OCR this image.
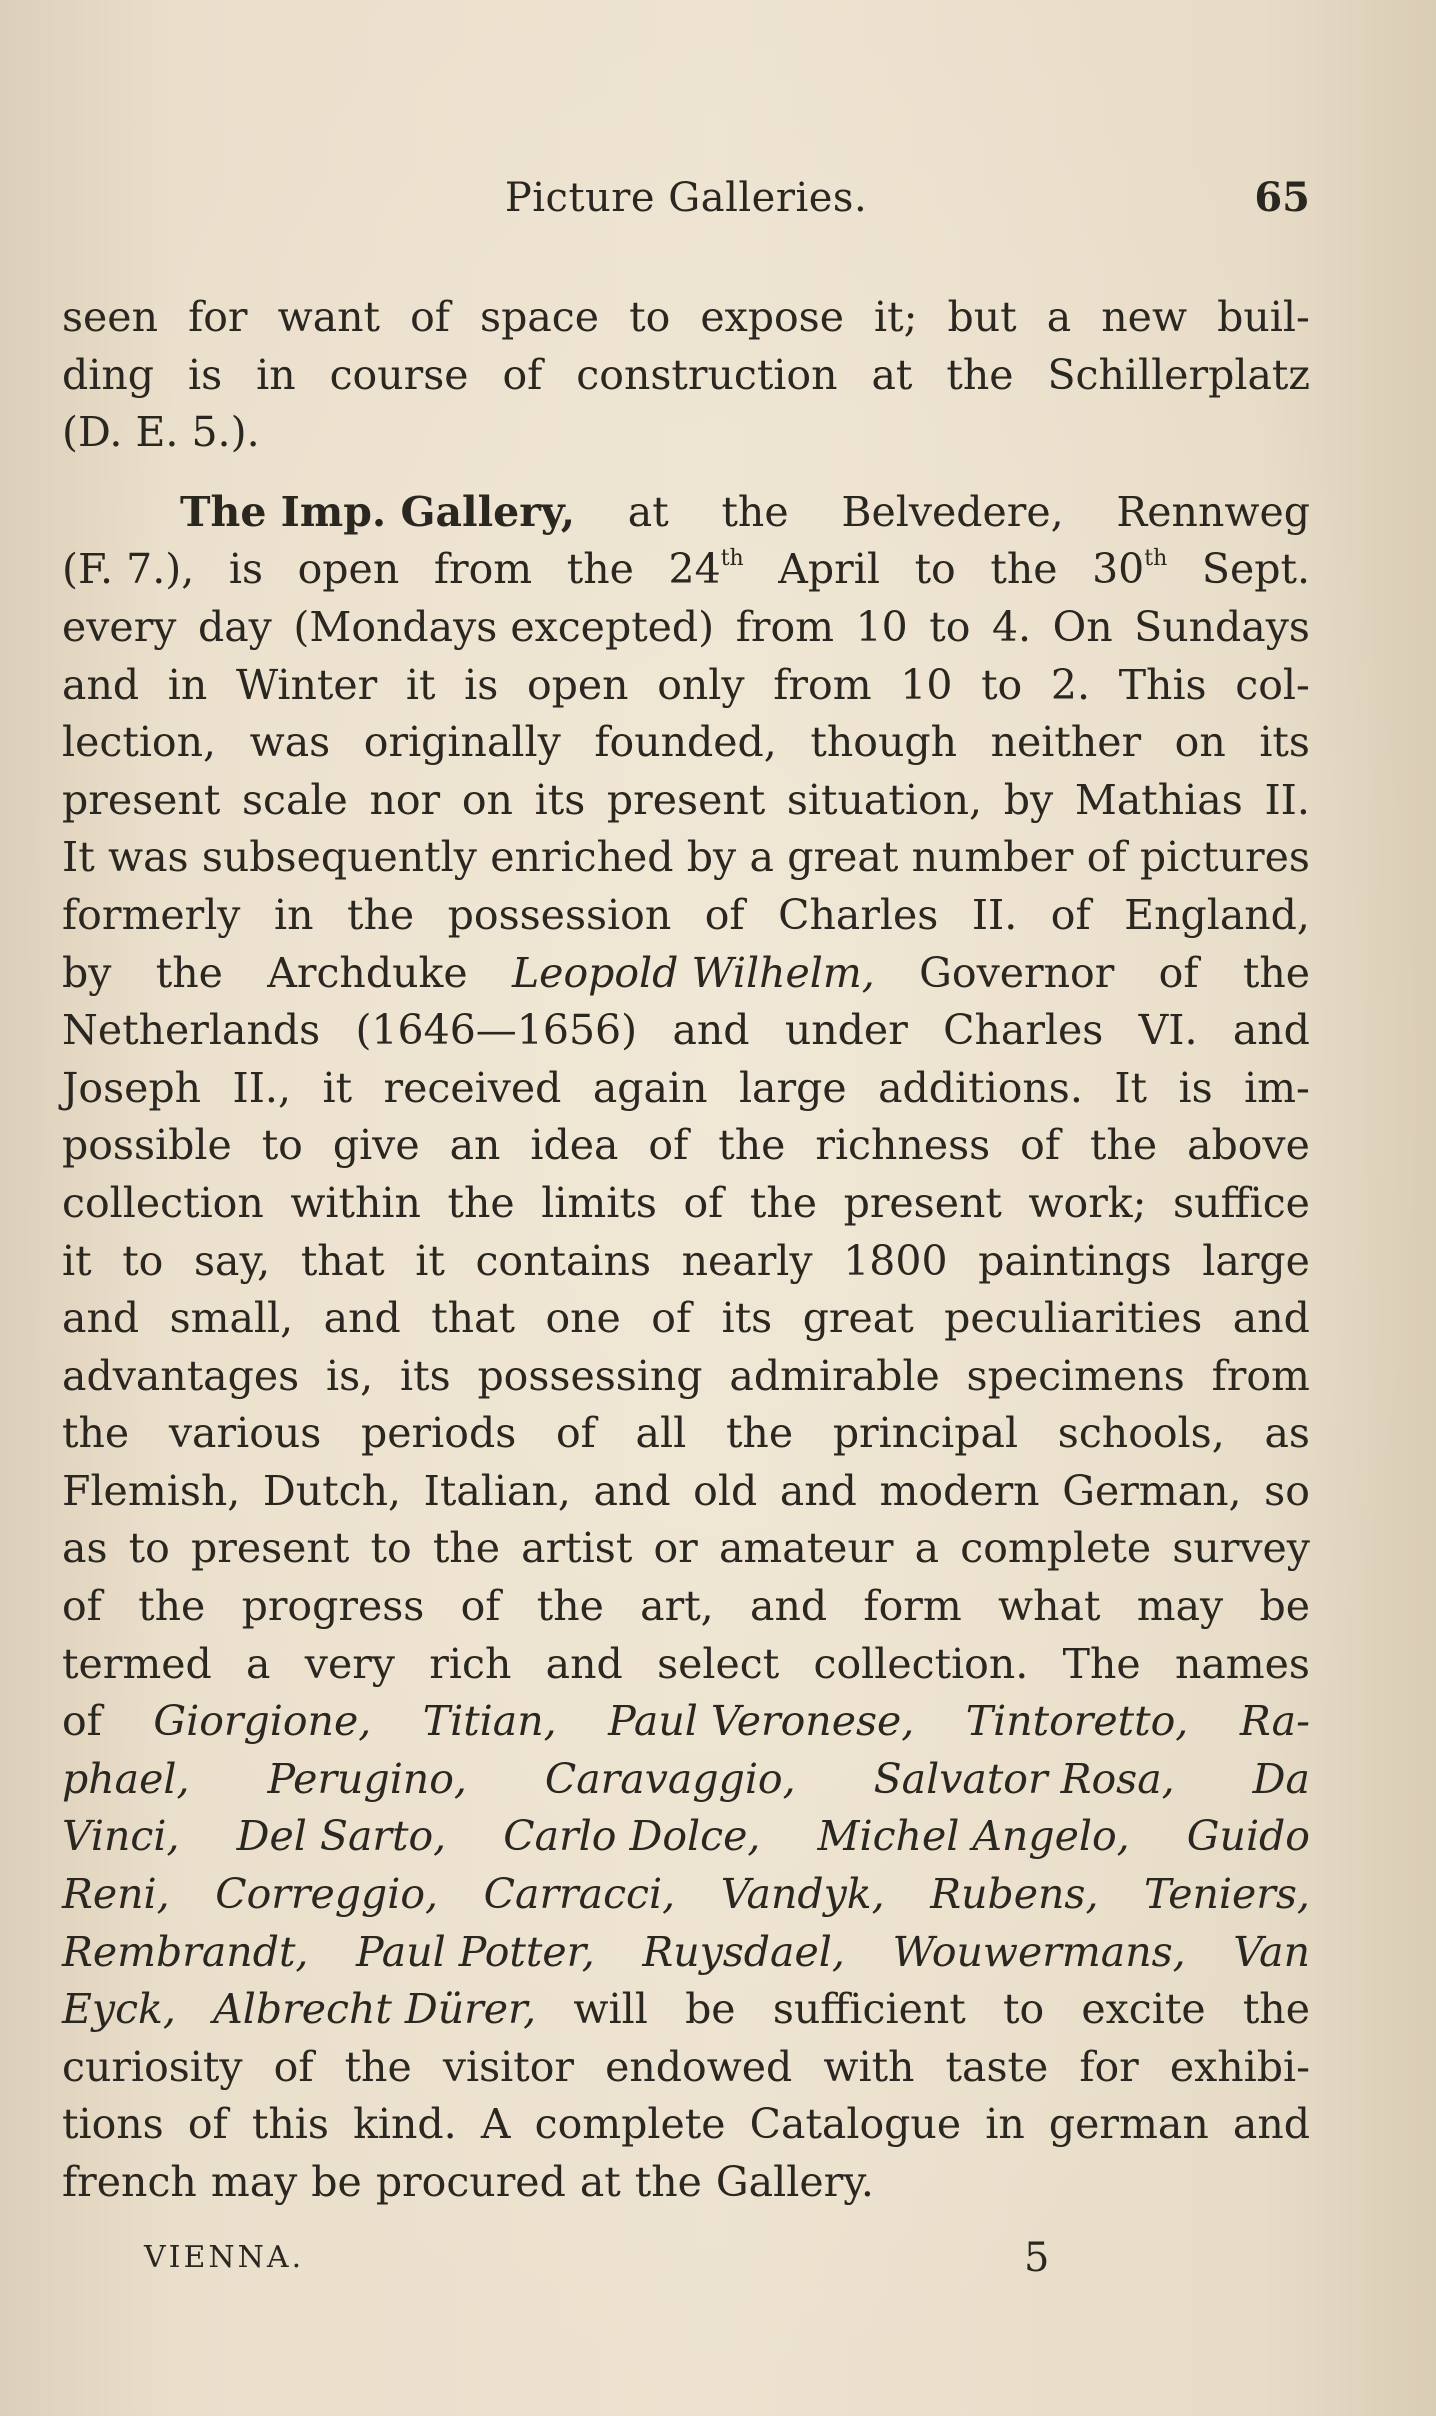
Picture Galleries.	65
seen for want of space to expose it; but a new buil-
ding is in course of construction at the Schillerplatz
(D. E. 5.).
The Imp. Gallery, at the Belvedere, Rennweg
(F. 7.), is open from the 24th April to the 30th Sept.
every day (Mondays excepted) from 10 to 4. On Sundays
and in Winter it is open only from 10 to 2. This col-
lection, was originally founded, though neither on its
present scale nor on its present situation, by Mathias II.
It was subsequently enriched by a great number of pictures
formerly in the possession of Charles II. of England,
by the Archduke Leopold Wilhelm, Governor of the
Netherlands (1646—1656) and under Charles VI. and
Joseph II., it received again large additions. It is im-
possible to give an idea of the richness of the above
collection within the limits of the present work; suffice
it to say, that it contains nearly 1800 paintings large
and small, and that one of its great peculiarities and
advantages is, its possessing admirable specimens from
the various periods of all the principal schools, as
Flemish, Dutch, Italian, and old and modern German, so
as to present to the artist or amateur a complete survey
of the progress of the art, and form what may be
termed a very rich and select collection. The names
of Giorgione, Titian, Paul Veronese, Tintoretto, Ra-
phael, Perugino, Caravaggio, Salvator Rosa, Da
Vinci, Del Sarto, Carlo Dolce, Michel Angelo, Guido
Reni, Correggio, Carracci, Vandyk, Rubens, Teniers,
Rembrandt, Paul Potter, Ruysdael, Wouwermans, Van
Eyck, Albrecht Dürer, will be sufficient to excite the
curiosity of the visitor endowed with taste for exhibi-
tions of this kind. A complete Catalogue in german and
french may be procured at the Gallery.
VIENNA.	5
